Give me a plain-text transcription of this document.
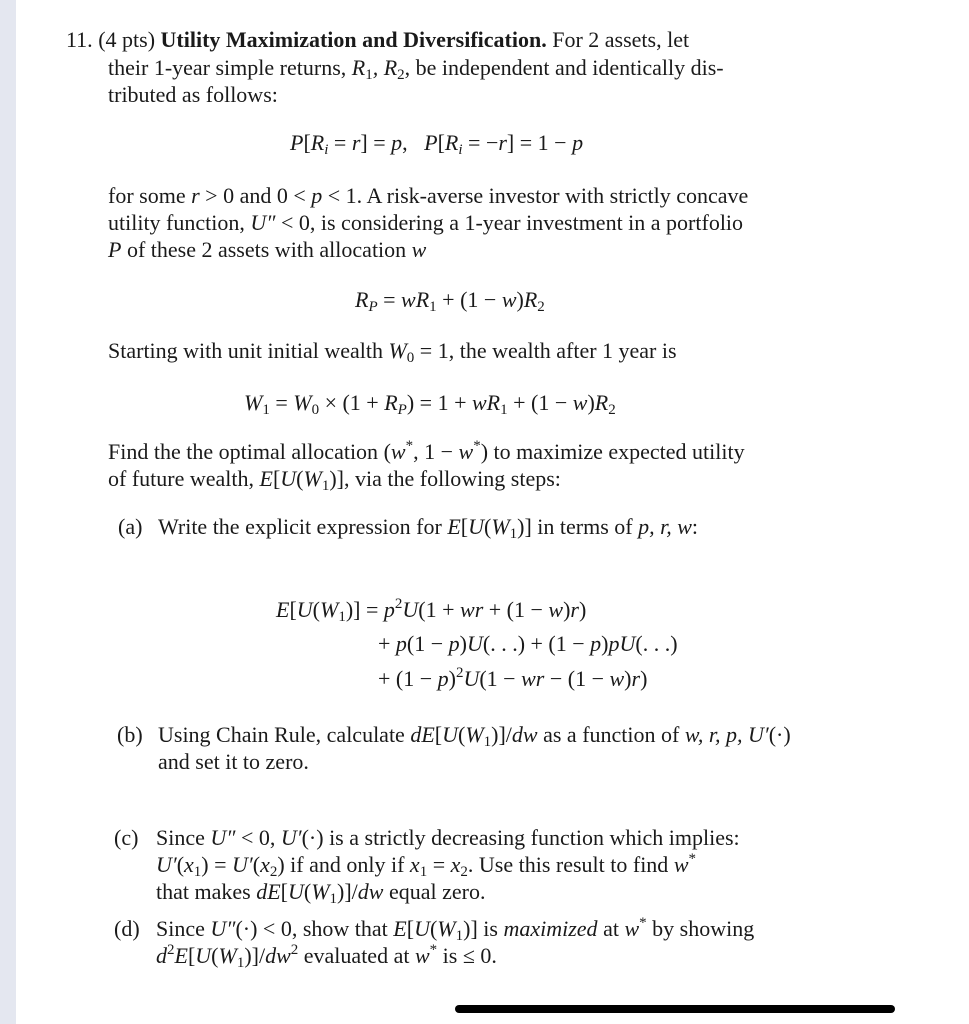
11. (4 pts) Utility Maximization and Diversification. For 2 assets, let
their 1-year simple returns, $R_1$, $R_2$, be independent and identically dis-
tributed as follows:
$P[R_i = r] = p$,   $P[R_i = -r] = 1 - p$
for some r > 0 and 0 < p < 1. A risk-averse investor with strictly concave
utility function, U″ < 0, is considering a 1-year investment in a portfolio
P of these 2 assets with allocation w
$R_P = wR_1 + (1 - w)R_2$
Starting with unit initial wealth $W_0 = 1$, the wealth after 1 year is
$W_1 = W_0 \times (1 + R_P) = 1 + wR_1 + (1 - w)R_2$
Find the the optimal allocation (w*, 1 − w*) to maximize expected utility
of future wealth, $E[U(W_1)]$, via the following steps:
(a) Write the explicit expression for $E[U(W_1)]$ in terms of p, r, w:
$E[U(W_1)] = p^2U(1$ + wr + (1 − w)r)
+ p(1 − p)U(. . .) + (1 − p)pU(. . .)
+ $(1 - p)^2U(1$ − wr − (1 − w)r)
(b) Using Chain Rule, calculate $dE[U(W_1)]/dw$ as a function of w, r, p, U′(·)
and set it to zero.
(c) Since U″ < 0, U′(·) is a strictly decreasing function which implies:
$U'(x_1) = U'(x_2)$ if and only if $x_1 = x_2$. Use this result to find w*
that makes $dE[U(W_1)]/dw$ equal zero.
(d) Since U″(·) < 0, show that $E[U(W_1)]$ is maximized at w* by showing
$d^2E[U(W_1)]/dw^2$ evaluated at w* is ≤ 0.
